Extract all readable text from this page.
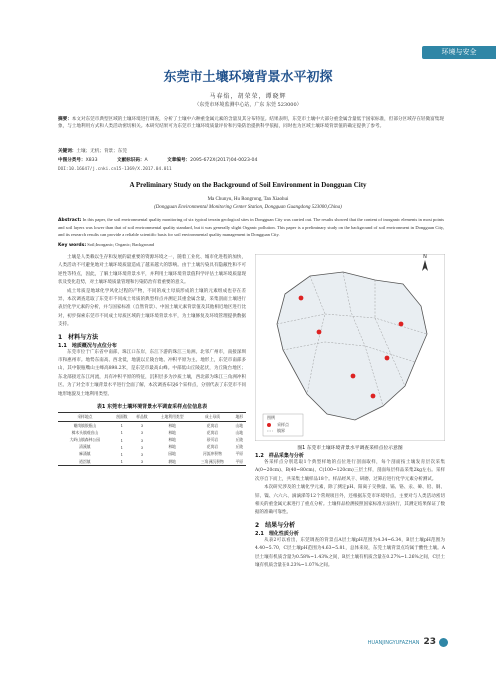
环境与安全
东莞市土壤环境背景水平初探
马春焰，胡荣荣，谭晓辉
（东莞市环境监测中心站，广东 东莞 523000）
摘要：本文对东莞市典型区域的土壤环境进行调查，分析了土壤中六种重金属元素的含量及其分布特征。结果表明，东莞市土壤中大部分重金属含量低于国家标准，但部分区域存在轻微富集现象，与土地利用方式和人类活动密切相关。本研究结果可为东莞市土壤环境质量评价和污染防治提供科学依据，同时也为区域土壤环境背景值的确定提供了参考。
关键词：土壤；无机；背景；东莞
中图分类号：X833	文献标识码：A	文章编号：2095-672X(2017)04-0023-04
DOI:10.16647/j.cnki.cn15-1369/X.2017.04.011
A Preliminary Study on the Background of Soil Environment in Dongguan City
Ma Chunyu, Hu Rongrong, Tan Xiaohui
(Dongguan Environmental Monitoring Center Station, Dongguan Guangdong 523000,China)
Abstract: In this paper, the soil environmental quality monitoring of six typical terrain geological sites in Dongguan City was carried out. The results showed that the content of inorganic elements in most points and soil layers was lower than that of soil environmental quality standard, but it was generally slight Organic pollution. This paper is a preliminary study on the background of soil environment in Dongguan City, and its research results can provide a reliable scientific basis for soil environmental quality management in Dongguan City.
Key words: Soil;Inorganic; Organic; Background

土壤是人类赖以生存和发展的最重要的资源环境之一，随着工业化、城市化进程的加快，人类活动不可避免地对土壤环境质量造成了越来越大的影响。由于土壤污染具有隐蔽性和不可逆性等特点，因此，了解土壤环境背景水平，并利用土壤环境背景值科学评估土壤环境质量现状及变化趋势，对土壤环境质量管理和污染防治有着重要的意义。

成土母质是地球化学风化过程的产物，不同的成土母质形成的土壤的元素组成也存在差异，本次调查选取了东莞市不同成土母质的典型样点并测定其重金属含量，采集剖面土壤进行表层化学元素的分析，并与国家标准（自然背景）、中国土壤元素背景值及其他相近地区进行比对，初步探索东莞市不同成土母质区域的土壤环境背景水平，为土壤修复及环境管理提供数据支持。

1　材料与方法
1.1　地质概况与点位分布

东莞市位于广东省中南部，珠江口东岸，东江下游的珠江三角洲。北邻广州市，南接深圳市和惠州市。地势东南高、西北低，地貌以丘陵台地、冲积平原为主。地形上，东莞市南部多山，其中银瓶嘴山主峰高898.2米，是东莞市最高山峰。中部低山丘陵起伏，为丘陵台地区；东北部接近东江河流，具有冲积平原的特征，沉积层多为沙质土壤，西北部为珠江三角洲冲积区。为了对全市土壤背景水平进行全面了解，本次调查布设6个采样点，分别代表了东莞市不同地形地貌及土地利用类型。

表1 东莞市土壤环境背景水平调查采样点位信息表
采样地点	剖面数	样品数	土地利用类型	成土母质	地形
谢岗镇银瓶山	1	3	林地	花岗岩	山地
樟木头镇观音山	1	3	林地	花岗岩	山地
大岭山镇森林公园	1	3	林地	砂页岩	丘陵
清溪镇	1	3	林地	花岗岩	丘陵
麻涌镇	1	3	园地	河流冲积物	平原
道滘镇	1	3	耕地	三角洲沉积物	平原
N
图例
采样点
镇界
图1 东莞市土壤环境背景水平调查采样点位示意图
1.2　样品采集与分析

各采样点分别选取1个典型样地的点位进行剖面取样，每个剖面按土壤发育层次采集A(0~20cm)、B(40~80cm)、C(100~120cm)三层土样，剖面每层样品采集2kg左右。采样次序自下而上，共采集土壤样品18个。样品经风干、研磨、过筛后进行化学元素分析测试。

本次研究涉及的土壤化学元素，除了测定pH、阳离子交换量、镉、铬、汞、砷、铅、铜、锌、镍、六六六、滴滴涕等12个常规项目外，还根据东莞市环境特点，主要对与人类活动密切相关的重金属元素进行了重点分析。土壤样品检测按照国家标准方法执行，其测定结果保证了数据的准确可靠性。

2　结果与分析
2.1　理化性质分析

从表2可以看出，东莞调查的背景点A层土壤pH范围为4.34~6.34，B层土壤pH范围为4.40~5.70，C层土壤pH范围为4.63~5.81，总体来说，东莞土壤背景点均属于酸性土壤。A层土壤有机质含量为0.58%~1.43%之间，B层土壤有机质含量在0.27%~1.26%之间，C层土壤有机质含量在0.23%~1.07%之间。

HUANJINGYUFAZHAN 23
